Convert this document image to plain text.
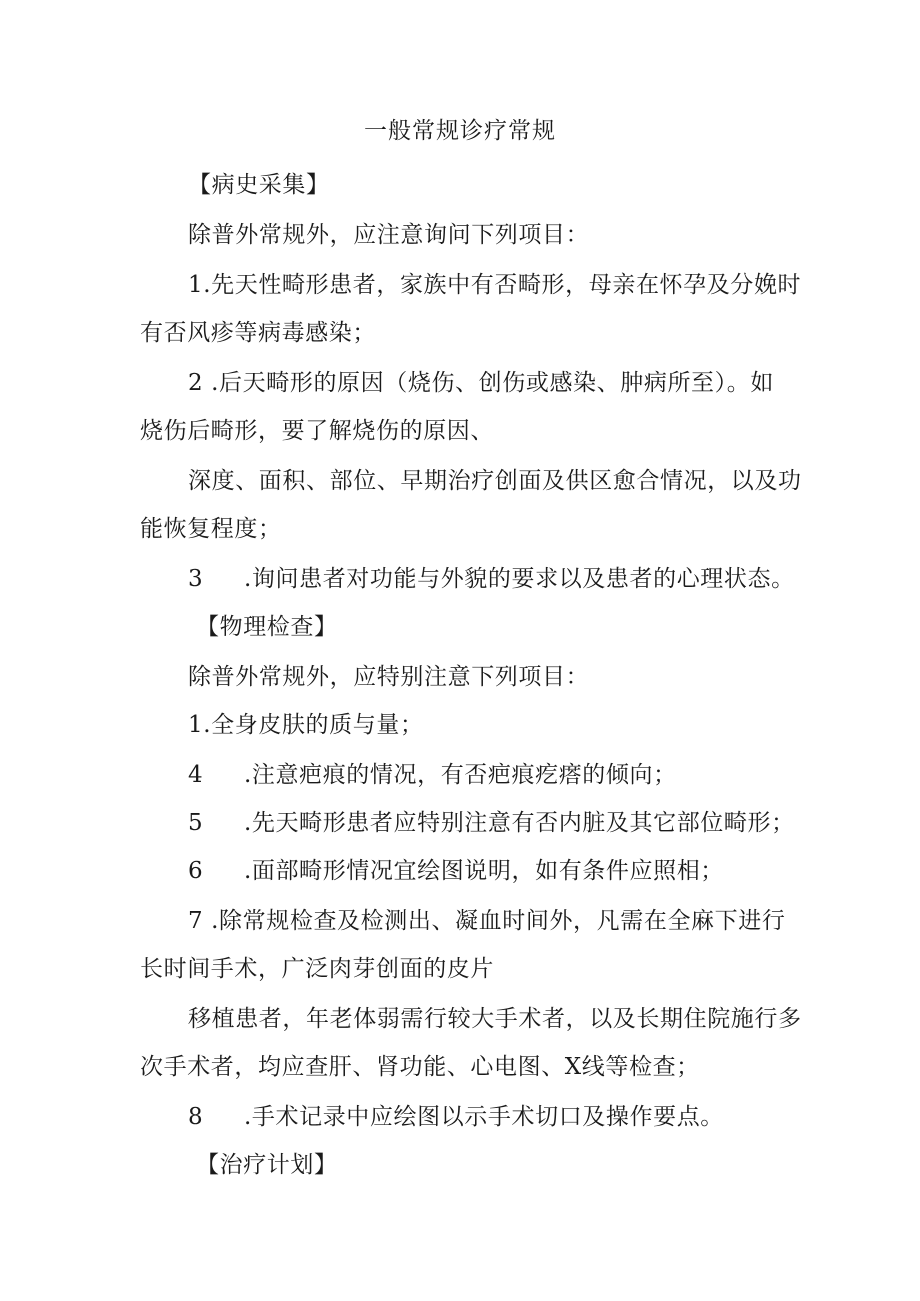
一般常规诊疗常规
【病史采集】
除普外常规外，应注意询问下列项目：
1.先天性畸形患者，家族中有否畸形，母亲在怀孕及分娩时
有否风疹等病毒感染；
2 .后天畸形的原因（烧伤、创伤或感染、肿病所至）。如
烧伤后畸形，要了解烧伤的原因、
深度、面积、部位、早期治疗创面及供区愈合情况，以及功
能恢复程度；
3 .询问患者对功能与外貌的要求以及患者的心理状态。
【物理检查】
除普外常规外，应特别注意下列项目：
1.全身皮肤的质与量；
4 .注意疤痕的情况，有否疤痕疙瘩的倾向；
5 .先天畸形患者应特别注意有否内脏及其它部位畸形；
6 .面部畸形情况宜绘图说明，如有条件应照相；
7 .除常规检查及检测出、凝血时间外，凡需在全麻下进行
长时间手术，广泛肉芽创面的皮片
移植患者，年老体弱需行较大手术者，以及长期住院施行多
次手术者，均应查肝、肾功能、心电图、X线等检查；
8 .手术记录中应绘图以示手术切口及操作要点。
【治疗计划】
